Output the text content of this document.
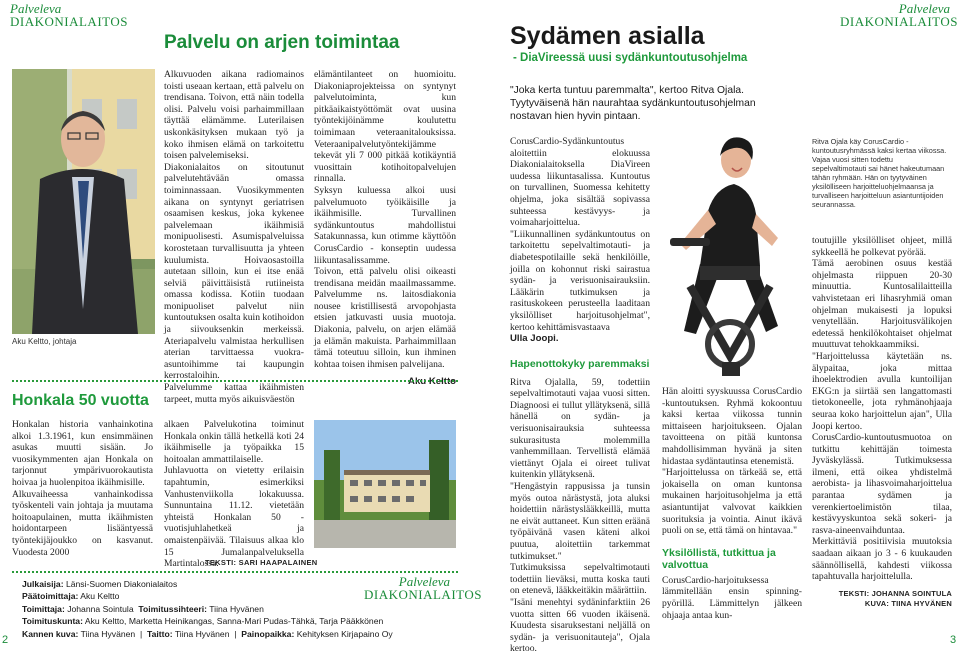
Palveleva
DIAKONIALAITOS
Palvelu on arjen toimintaa
Aku Keltto, johtaja

Alkuvuoden aikana radiomainos toisti useaan kertaan, että palvelu on trendisana. Toivon, että näin todella olisi. Palvelu voisi parhaimmillaan täyttää elämämme. Luterilaisen uskonkäsityksen mukaan työ ja koko ihmisen elämä on tarkoitettu toisen palvelemiseksi.
Diakonialaitos on sitoutunut palvelutehtävään omassa toiminnassaan. Vuosikymmenten aikana on syntynyt geriatrisen osaamisen keskus, joka kykenee palvelemaan ikäihmisiä monipuolisesti. Asumispalveluissa korostetaan turvallisuutta ja yhteen kuulumista. Hoivaosastoilla autetaan silloin, kun ei itse enää selviä päivittäisistä rutiineista omassa kodissa. Kotiin tuodaan monipuoliset palvelut niin kuntoutuksen osalta kuin kotihoidon ja siivouksenkin merkeissä. Ateriapalvelu valmistaa herkullisen aterian tarvittaessa vuokra-asuntoihimme tai kaupungin kerrostaloihin.
Palvelumme kattaa ikäihmisten tarpeet, mutta myös aikuisväestön

elämäntilanteet on huomioitu. Diakoniaprojekteissa on syntynyt palvelutoiminta, kun pitkäaikaistyöttömät ovat uusina työntekijöinämme koulutettu toimimaan veteraanitalouksissa. Veteraanipalvelutyöntekijämme tekevät yli 7 000 pitkää kotikäyntiä vuosittain kotihoitopalvelujen rinnalla.
Syksyn kuluessa alkoi uusi palvelumuoto työikäisille ja ikäihmisille. Turvallinen sydänkuntoutus mahdollistui Satakunnassa, kun otimme käyttöön CorusCardio - konseptin uudessa liikuntasalissamme.
Toivon, että palvelu olisi oikeasti trendisana meidän maailmassamme. Palvelumme ns. laitosdiakonia nousee kristillisestä arvopohjasta etsien jatkuvasti uusia muotoja. Diakonia, palvelu, on arjen elämää ja elämän makuista. Parhaimmillaan tämä toteutuu silloin, kun ihminen kohtaa toisen ihmisen palvelijana.

Aku Keltto
Honkala 50 vuotta

Honkalan historia vanhainkotina alkoi 1.3.1961, kun ensimmäinen asukas muutti sisään. Jo vuosikymmenten ajan Honkala on tarjonnut ympärivuorokautista hoivaa ja huolenpitoa ikäihmisille.
Alkuvaiheessa vanhainkodissa työskenteli vain johtaja ja muutama hoitoapulainen, mutta ikäihmisten hoidontarpeen lisääntyessä työntekijäjoukko on kasvanut. Vuodesta 2000

alkaen Palvelukotina toiminut Honkala onkin tällä hetkellä koti 24 ikäihmiselle ja työpaikka 15 hoitoalan ammattilaiselle.
Juhlavuotta on vietetty erilaisin tapahtumin, esimerkiksi Vanhustenviikolla lokakuussa. Sunnuntaina 11.12. vietetään yhteistä Honkalan 50 -vuotisjuhlahetkeä ja omaistenpäivää. Tilaisuus alkaa klo 15 Jumalanpalveluksella Martintalossa.

TEKSTI: SARI HAAPALAINEN
Julkaisija: Länsi-Suomen Diakonialaitos
Päätoimittaja: Aku Keltto
Toimittaja: Johanna Sointula Toimitussihteeri: Tiina Hyvänen
Toimituskunta: Aku Keltto, Marketta Heinikangas, Sanna-Mari Pudas-Tähkä, Tarja Pääkkönen
Kannen kuva: Tiina Hyvänen  |  Taitto: Tiina Hyvänen  |  Painopaikka: Kehityksen Kirjapaino Oy
Palveleva
DIAKONIALAITOS
2
Palveleva
DIAKONIALAITOS
Sydämen asialla
- DiaVireessä uusi sydänkuntoutusohjelma
"Joka kerta tuntuu paremmalta", kertoo Ritva Ojala. Tyytyväisenä hän naurahtaa sydänkuntoutusohjelman nostavan hien hyvin pintaan.
Ritva Ojala käy CorusCardio -kuntoutusryhmässä kaksi kertaa viikossa. Vajaa vuosi sitten todettu sepelvaltimotauti sai hänet hakeutumaan tähän ryhmään. Hän on tyytyväinen yksilölliseen harjoitteluohjelmaansa ja turvalliseen harjoitteluun asiantuntijoiden seurannassa.

CorusCardio-Sydänkuntoutus aloitettiin elokuussa Diakonialaitoksella DiaVireen uudessa liikuntasalissa. Kuntoutus on turvallinen, Suomessa kehitetty ohjelma, joka sisältää sopivassa suhteessa kestävyys- ja voimaharjoittelua.
"Liikunnallinen sydänkuntoutus on tarkoitettu sepelvaltimotauti- ja diabetespotilaille sekä henkilöille, joilla on kohonnut riski sairastua sydän- ja verisuonisairauksiin. Lääkärin tutkimuksen ja rasituskokeen perusteella laaditaan yksilölliset harjoitusohjelmat", kertoo kehittämisvastaava

Ulla Joopi.
Hapenottokyky paremmaksi

Ritva Ojalalla, 59, todettiin sepelvaltimotauti vajaa vuosi sitten. Diagnoosi ei tullut yllätyksenä, sillä hänellä on sydän- ja verisuonisairauksia suhteessa sukurasitusta molemmilla vanhemmillaan. Tervellistä elämää viettänyt Ojala ei oireet tulivat kuitenkin yllätyksenä.
"Hengästyin rappusissa ja tunsin myös outoa närästystä, jota aluksi hoidettiin närästyslääkkeillä, mutta ne eivät auttaneet. Kun sitten eräänä työpäivänä vasen käteni alkoi puutua, aloitettiin tarkemmat tutkimukset."
Tutkimuksissa sepelvaltimotauti todettiin lieväksi, mutta koska tauti on etenevä, lääkkeitäkin määrättiin.
"Isäni menehtyi sydäninfarktiin 26 vuotta sitten 66 vuoden ikäisenä. Kuudesta sisaruksestani neljällä on sydän- ja verisuonitauteja", Ojala kertoo.

Hän aloitti syyskuussa CorusCardio -kuntoutuksen. Ryhmä kokoontuu kaksi kertaa viikossa tunnin mittaiseen harjoitukseen. Ojalan tavoitteena on pitää kuntonsa mahdollisimman hyvänä ja siten hidastaa sydäntautinsa etenemistä.
"Harjoittelussa on tärkeää se, että jokaisella on oman kuntonsa mukainen harjoitusohjelma ja että asiantuntijat valvovat kaikkien suorituksia ja vointia. Ainut ikävä puoli on se, että tämä on hintavaa."

Yksilöllistä, tutkittua ja valvottua

CorusCardio-harjoituksessa lämmitellään ensin spinning-pyörillä. Lämmittelyn jälkeen ohjaaja antaa kun-

toutujille yksilölliset ohjeet, millä sykkeellä he polkevat pyörää.
Tämä aerobinen osuus kestää ohjelmasta riippuen 20-30 minuuttia. Kuntosalilaitteilla vahvistetaan eri lihasryhmiä oman ohjelman mukaisesti ja lopuksi venytellään. Harjoitusvälikojen edetessä henkilökohtaiset ohjelmat muuttuvat tehokkaammiksi.
"Harjoittelussa käytetään ns. älypaitaa, joka mittaa ihoelektrodien avulla kuntoilijan EKG:n ja siirtää sen langattomasti tietokoneelle, jota ryhmänohjaaja seuraa koko harjoittelun ajan", Ulla Joopi kertoo.
CorusCardio-kuntoutusmuotoa on tutkittu kehittäjän toimesta Jyväskylässä. Tutkimuksessa ilmeni, että oikea yhdistelmä aerobista- ja lihasvoimaharjoittelua parantaa sydämen ja verenkiertoelimistön tilaa, kestävyyskuntoa sekä sokeri- ja rasva-aineenvaihduntaa. Merkittäviä positiivisia muutoksia saadaan aikaan jo 3 - 6 kuukauden säännöllisellä, kahdesti viikossa tapahtuvalla harjoittelulla.

TEKSTI: JOHANNA SOINTULA
KUVA: TIINA HYVÄNEN
3
